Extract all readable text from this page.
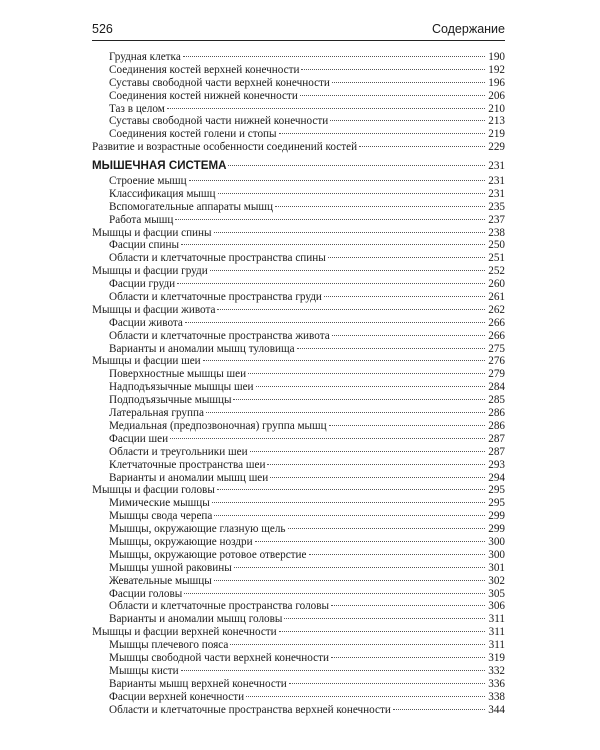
526	Содержание
Грудная клетка	190
Соединения костей верхней конечности	192
Суставы свободной части верхней конечности	196
Соединения костей нижней конечности	206
Таз в целом	210
Суставы свободной части нижней конечности	213
Соединения костей голени и стопы	219
Развитие и возрастные особенности соединений костей	229
МЫШЕЧНАЯ СИСТЕМА	231
Строение мышц	231
Классификация мышц	231
Вспомогательные аппараты мышц	235
Работа мышц	237
Мышцы и фасции спины	238
Фасции спины	250
Области и клетчаточные пространства спины	251
Мышцы и фасции груди	252
Фасции груди	260
Области и клетчаточные пространства груди	261
Мышцы и фасции живота	262
Фасции живота	266
Области и клетчаточные пространства живота	266
Варианты и аномалии мышц туловища	275
Мышцы и фасции шеи	276
Поверхностные мышцы шеи	279
Надподъязычные мышцы шеи	284
Подподъязычные мышцы	285
Латеральная группа	286
Медиальная (предпозвоночная) группа мышц	286
Фасции шеи	287
Области и треугольники шеи	287
Клетчаточные пространства шеи	293
Варианты и аномалии мышц шеи	294
Мышцы и фасции головы	295
Мимические мышцы	295
Мышцы свода черепа	299
Мышцы, окружающие глазную щель	299
Мышцы, окружающие ноздри	300
Мышцы, окружающие ротовое отверстие	300
Мышцы ушной раковины	301
Жевательные мышцы	302
Фасции головы	305
Области и клетчаточные пространства головы	306
Варианты и аномалии мышц головы	311
Мышцы и фасции верхней конечности	311
Мышцы плечевого пояса	311
Мышцы свободной части верхней конечности	319
Мышцы кисти	332
Варианты мышц верхней конечности	336
Фасции верхней конечности	338
Области и клетчаточные пространства верхней конечности	344
